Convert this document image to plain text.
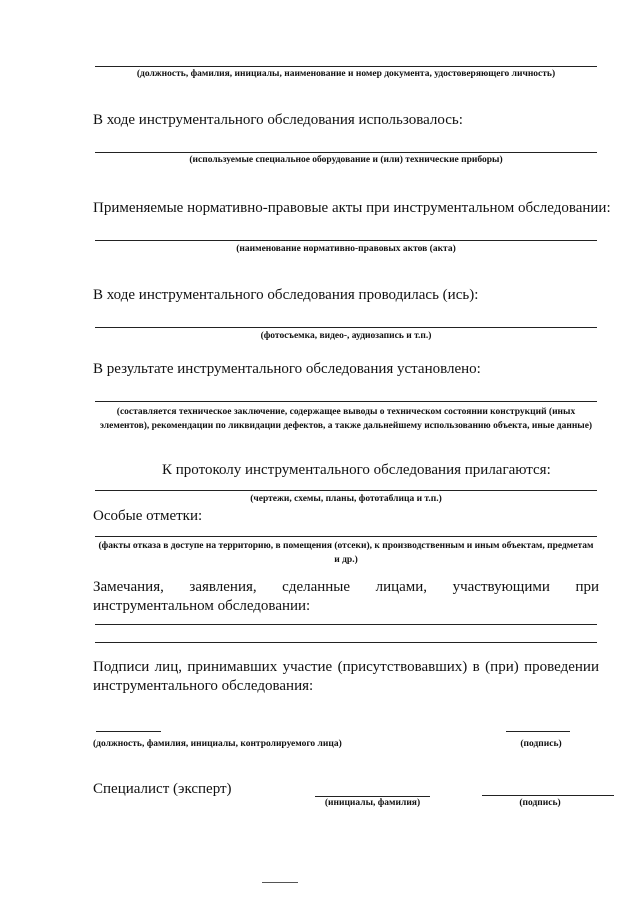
(должность, фамилия, инициалы, наименование и номер документа, удостоверяющего личность)
В ходе инструментального обследования использовалось:
(используемые специальное оборудование и (или) технические приборы)
Применяемые нормативно-правовые акты при инструментальном обследовании:
(наименование нормативно-правовых актов (акта)
В ходе инструментального обследования проводилась (ись):
(фотосъемка, видео-, аудиозапись и т.п.)
В результате инструментального обследования установлено:
(составляется техническое заключение, содержащее выводы о техническом состоянии конструкций (иных элементов), рекомендации по ликвидации дефектов, а также дальнейшему использованию объекта, иные данные)
К протоколу инструментального обследования прилагаются:
(чертежи, схемы, планы, фототаблица и т.п.)
Особые отметки:
(факты отказа в доступе на территорию, в помещения (отсеки), к производственным и иным объектам, предметам и др.)
Замечания, заявления, сделанные лицами, участвующими при инструментальном обследовании:
Подписи лиц, принимавших участие (присутствовавших) в (при) проведении инструментального обследования:
(должность, фамилия, инициалы, контролируемого лица)	(подпись)
Специалист (эксперт)
(инициалы, фамилия)	(подпись)
